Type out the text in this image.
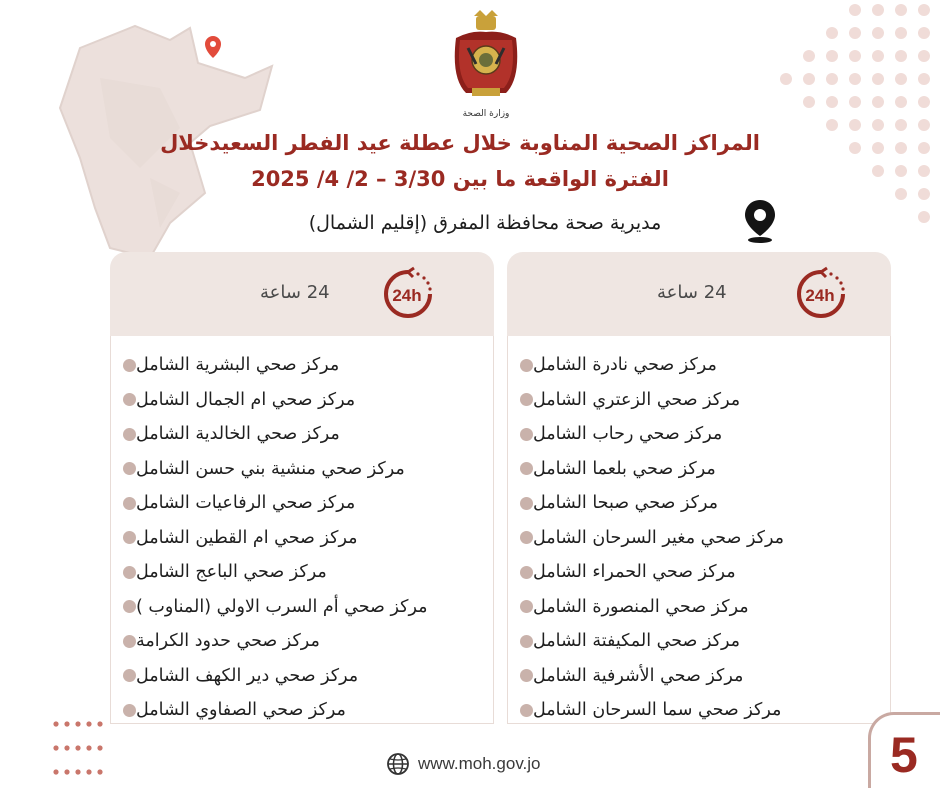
وزارة الصحة
المراكز الصحية المناوبة خلال عطلة عيد الفطر السعيدخلال
الفترة الواقعة ما بين 3/30 – 2/ 4/ 2025
مديرية صحة محافظة المفرق (إقليم الشمال)
24 ساعة	24h
مركز صحي البشرية الشامل
مركز صحي ام الجمال الشامل
مركز صحي الخالدية الشامل
مركز صحي منشية بني حسن الشامل
مركز صحي الرفاعيات الشامل
مركز صحي ام القطين الشامل
مركز صحي الباعج الشامل
مركز صحي أم السرب الاولي (المناوب )
مركز صحي حدود الكرامة
مركز صحي دير الكهف الشامل
مركز صحي الصفاوي الشامل
24 ساعة	24h
مركز صحي نادرة الشامل
مركز صحي الزعتري الشامل
مركز صحي رحاب الشامل
مركز صحي بلعما الشامل
مركز صحي صبحا الشامل
مركز صحي مغير السرحان الشامل
مركز صحي الحمراء الشامل
مركز صحي المنصورة الشامل
مركز صحي المكيفتة الشامل
مركز صحي الأشرفية الشامل
مركز صحي سما السرحان الشامل
www.moh.gov.jo	5
